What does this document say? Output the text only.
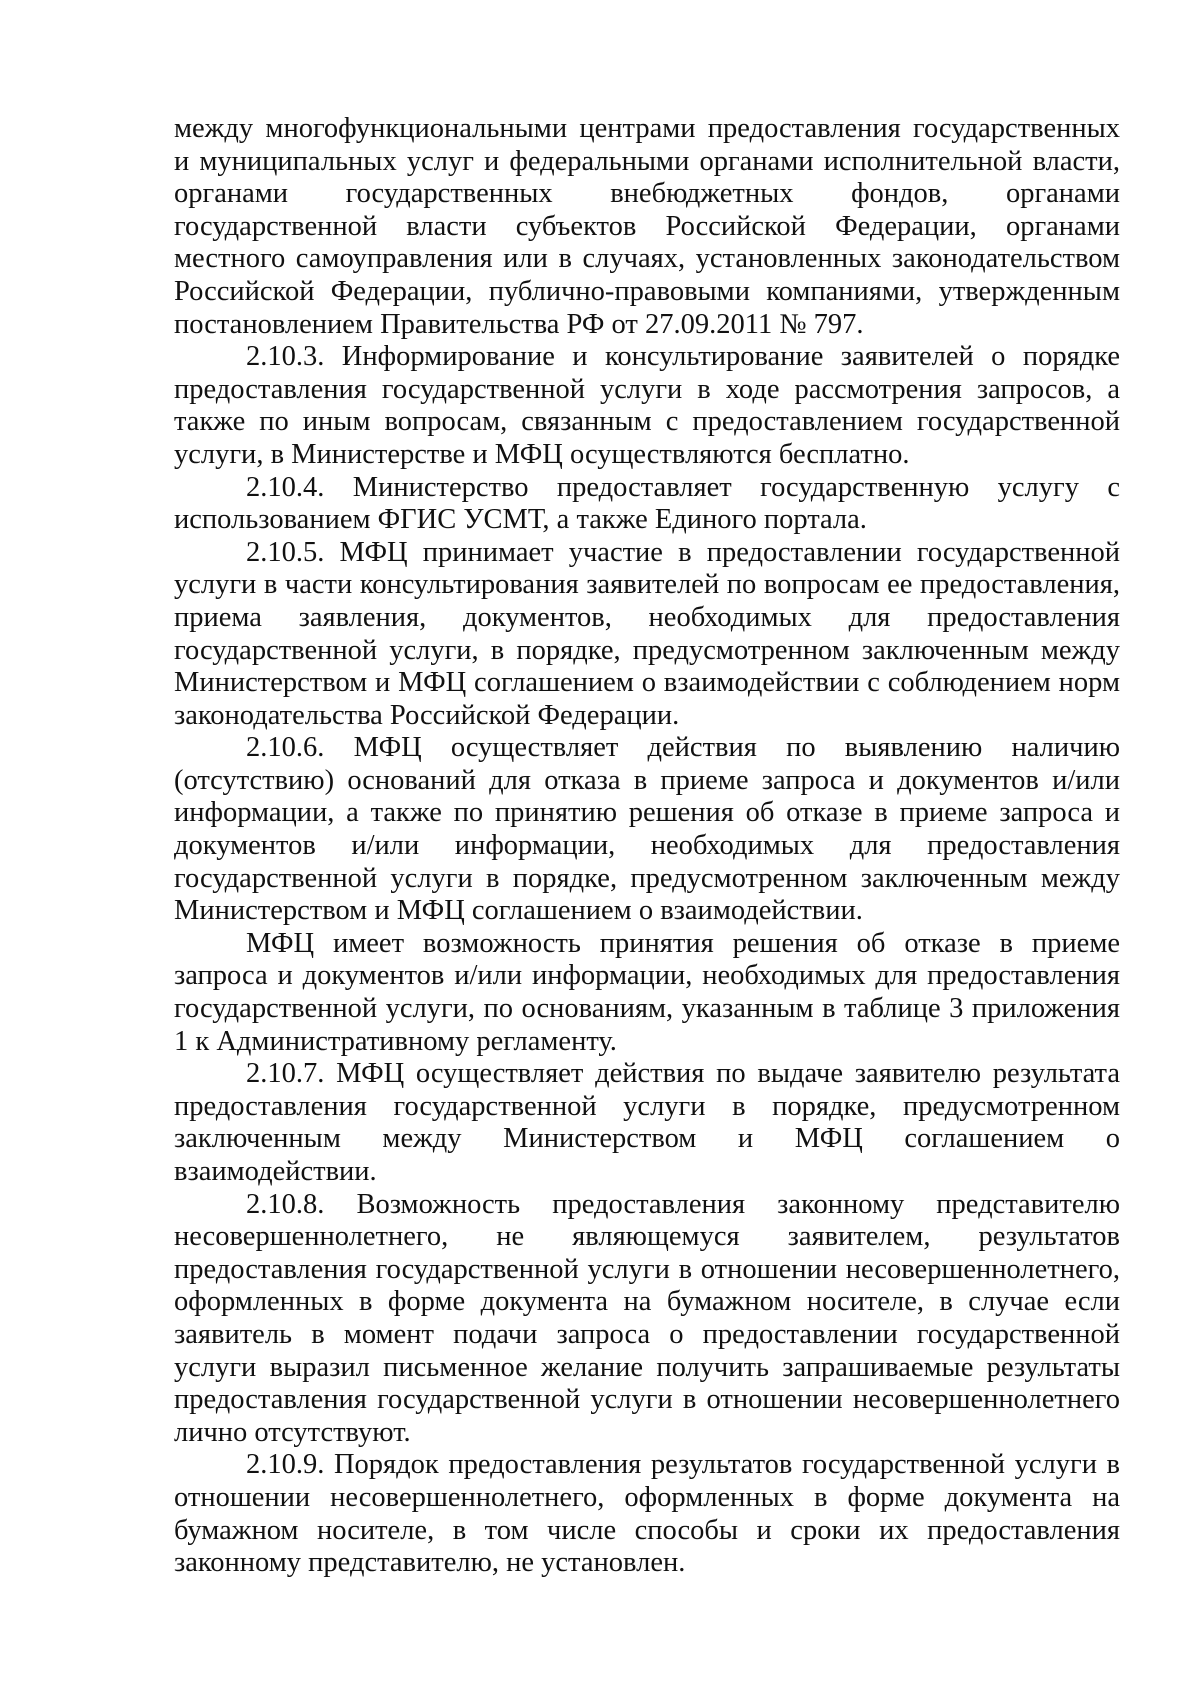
между многофункциональными центрами предоставления государственных и муниципальных услуг и федеральными органами исполнительной власти, органами государственных внебюджетных фондов, органами государственной власти субъектов Российской Федерации, органами местного самоуправления или в случаях, установленных законодательством Российской Федерации, публично-правовыми компаниями, утвержденным постановлением Правительства РФ от 27.09.2011 № 797.

2.10.3. Информирование и консультирование заявителей о порядке предоставления государственной услуги в ходе рассмотрения запросов, а также по иным вопросам, связанным с предоставлением государственной услуги, в Министерстве и МФЦ осуществляются бесплатно.

2.10.4. Министерство предоставляет государственную услугу с использованием ФГИС УСМТ, а также Единого портала.

2.10.5. МФЦ принимает участие в предоставлении государственной услуги в части консультирования заявителей по вопросам ее предоставления, приема заявления, документов, необходимых для предоставления государственной услуги, в порядке, предусмотренном заключенным между Министерством и МФЦ соглашением о взаимодействии с соблюдением норм законодательства Российской Федерации.

2.10.6. МФЦ осуществляет действия по выявлению наличию (отсутствию) оснований для отказа в приеме запроса и документов и/или информации, а также по принятию решения об отказе в приеме запроса и документов и/или информации, необходимых для предоставления государственной услуги в порядке, предусмотренном заключенным между Министерством и МФЦ соглашением о взаимодействии.

МФЦ имеет возможность принятия решения об отказе в приеме запроса и документов и/или информации, необходимых для предоставления государственной услуги, по основаниям, указанным в таблице 3 приложения 1 к Административному регламенту.

2.10.7. МФЦ осуществляет действия по выдаче заявителю результата предоставления государственной услуги в порядке, предусмотренном заключенным между Министерством и МФЦ соглашением о взаимодействии.

2.10.8. Возможность предоставления законному представителю несовершеннолетнего, не являющемуся заявителем, результатов предоставления государственной услуги в отношении несовершеннолетнего, оформленных в форме документа на бумажном носителе, в случае если заявитель в момент подачи запроса о предоставлении государственной услуги выразил письменное желание получить запрашиваемые результаты предоставления государственной услуги в отношении несовершеннолетнего лично отсутствуют.

2.10.9. Порядок предоставления результатов государственной услуги в отношении несовершеннолетнего, оформленных в форме документа на бумажном носителе, в том числе способы и сроки их предоставления законному представителю, не установлен.
